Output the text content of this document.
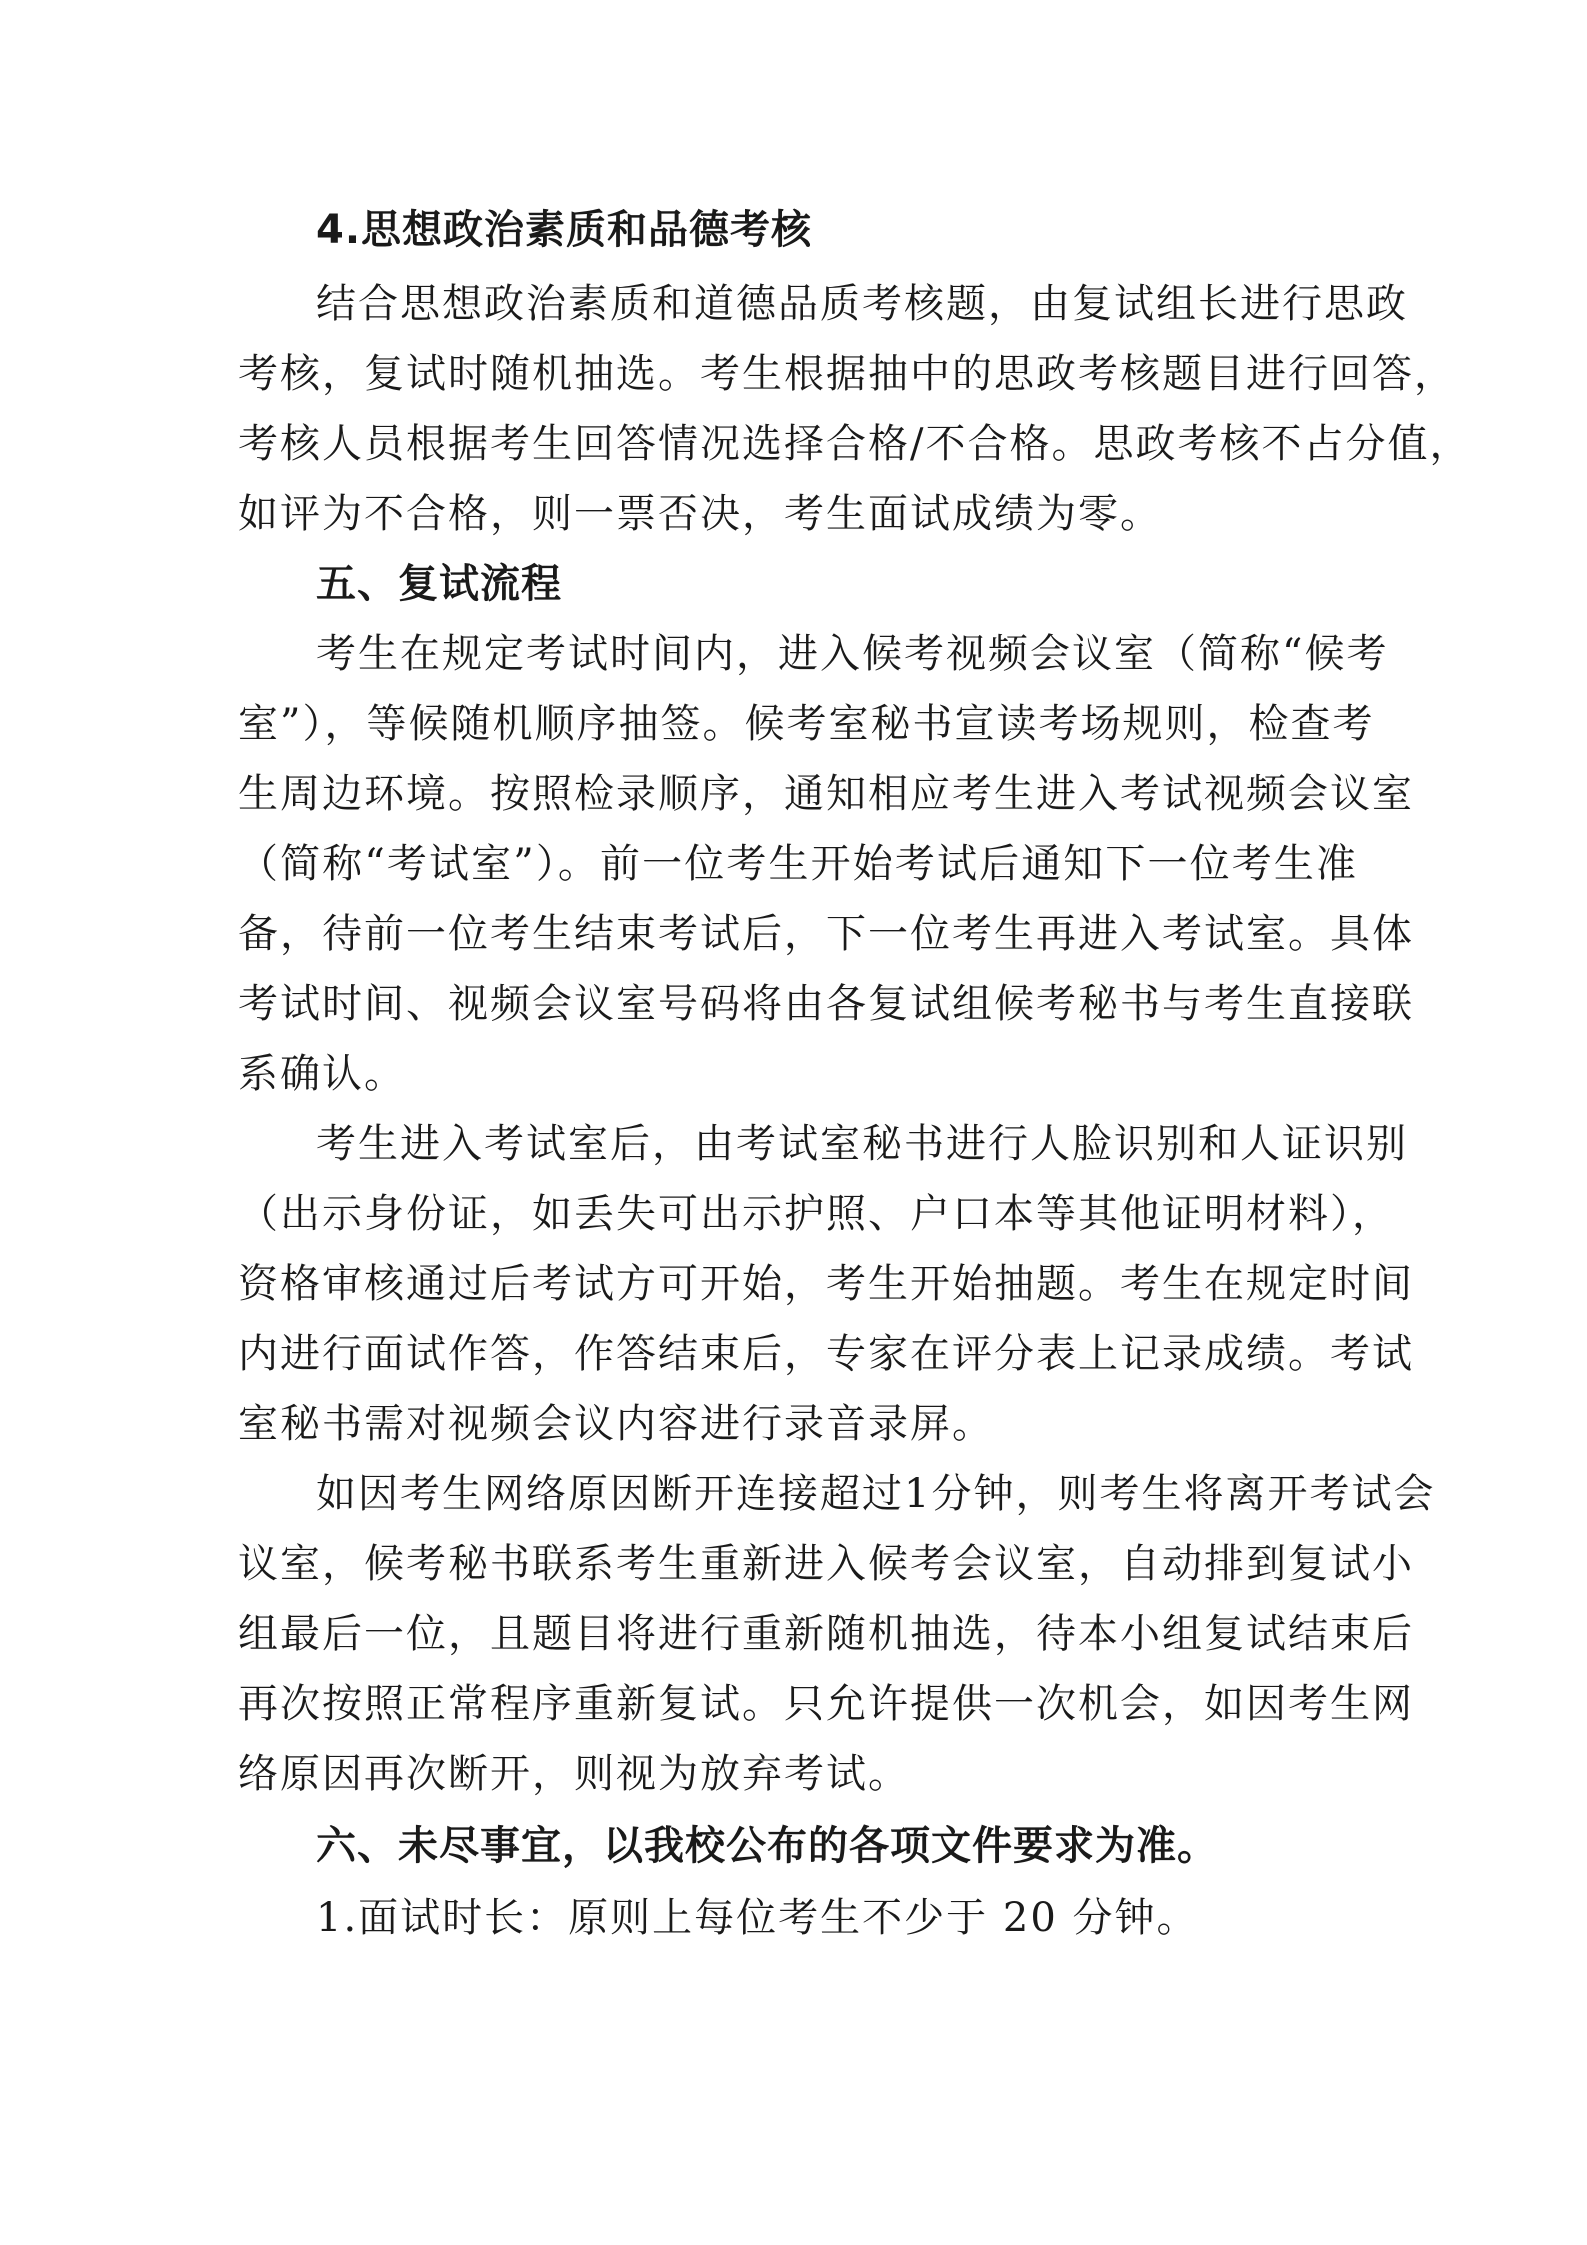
4.思想政治素质和品德考核
结合思想政治素质和道德品质考核题，由复试组长进行思政
考核，复试时随机抽选。考生根据抽中的思政考核题目进行回答，
考核人员根据考生回答情况选择合格/不合格。思政考核不占分值，
如评为不合格，则一票否决，考生面试成绩为零。
五、复试流程
考生在规定考试时间内，进入候考视频会议室（简称“候考
室”），等候随机顺序抽签。候考室秘书宣读考场规则，检查考
生周边环境。按照检录顺序，通知相应考生进入考试视频会议室
（简称“考试室”）。前一位考生开始考试后通知下一位考生准
备，待前一位考生结束考试后，下一位考生再进入考试室。具体
考试时间、视频会议室号码将由各复试组候考秘书与考生直接联
系确认。
考生进入考试室后，由考试室秘书进行人脸识别和人证识别
（出示身份证，如丢失可出示护照、户口本等其他证明材料），
资格审核通过后考试方可开始，考生开始抽题。考生在规定时间
内进行面试作答，作答结束后，专家在评分表上记录成绩。考试
室秘书需对视频会议内容进行录音录屏。
如因考生网络原因断开连接超过1分钟，则考生将离开考试会
议室，候考秘书联系考生重新进入候考会议室，自动排到复试小
组最后一位，且题目将进行重新随机抽选，待本小组复试结束后
再次按照正常程序重新复试。只允许提供一次机会，如因考生网
络原因再次断开，则视为放弃考试。
六、未尽事宜，以我校公布的各项文件要求为准。
1.面试时长：原则上每位考生不少于 20 分钟。
